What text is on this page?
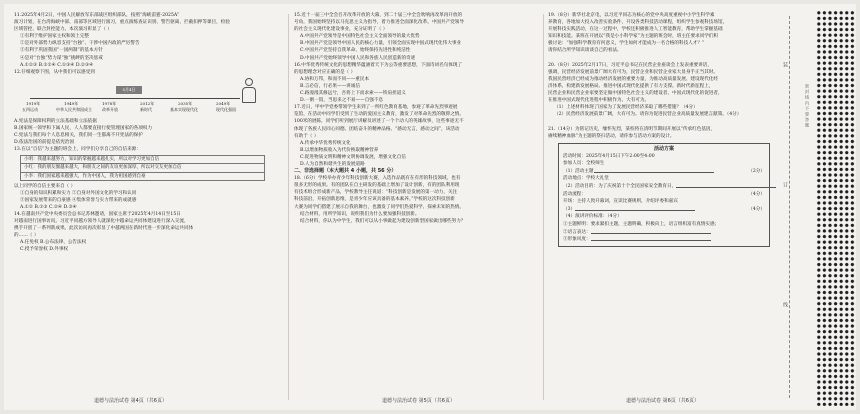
11.2025年4月2日，中国人民解放军东部战区组织部队，按照“海峡雷霆-2025A”
演习计划，在台湾海峡中部、南部等区域进行演习，重点演练查证识别、警告驱离、拦截扣押等课目，检验
区域管控、联合封控能力。本次演习彰显了（ ）
①有利于维护国家主权和领土完整
②是对外部势力纵容支持“台独”、干涉中国内政的严厉警告
③有利于巩固我国“一国两制”的基本方针
④是对“台独”势力谋“独”挑衅的坚决惩戒
A.①②③ B.①②④ C.①③④ D.②③④
12.仔细观察下图，从中我们可以感受到
5月4日
1919年	1949年	1978年	2012年	2035年	2049年
五四运动	中华人民共和国成立	改革开放	新时代	基本实现现代化	现代化强国
A.宪法是保障权利的立法基础和立法依据
B.国家统一领导和下属人民，人人都要直接行使管理国家的各项权力
C.宪法与我们每个人息息相关，我们同一生都离不开宪法的保护
D.依法治国的前提是依宪治国
13.在以“自信”为主题的班会上，同学们分享自己的自信来源：
小明：我越来越努力，知识的掌握越来越扎实，所以对学习更加自信
小红：我的朋友圈越来越大，和朋友之间的友谊更加深厚，所以对交友更加自信
小李：我们国家越来越强大，作为中国人，我为祖国感到自豪
以上同学的自信主要来自（ ）
①自身的知识积累和实力 ②自身对外国文化的学习和认同
③国家发展带来的自豪感 ④集体荣誉与实力带来的成就感
A.①② B.①③ C.②④ D.③④
14.在越南共产党中央委员会总书记苏林邀请，国家主席于2025年4月14日至15日
对越南进行国事访问。习近平同越方领导人就深化中越命运共同体建设进行深入交流，
携手开创了一系列新成果。此次访问再次彰显了中越两国在新时代进一步深化命运共同体
的……（ ）
A.任免权 B.公布法律、公告法权
C.授予荣誉权 D.外事权
15.近十一届三中全会召开改革开放的大幕，到二十届三中全会吹响再改革再开放的
号角，我国始终坚持以马克思主义为指导，着力推进全面深化改革。中国共产党领导
的社会主义现代化建设事业，充分证明了（ ）
A.中国共产党领导是中国特色社会主义全面领导的最大优势
B.中国共产党是领导中国人民的核心力量，引领全面实现中国式现代化伟大事业
C.中国共产党坚持自我革命、始终保持先进性和纯洁性
D.中国共产党始终领导中国人民和各族人民创造新的奇迹
16.中华优秀传统文化的思想精华蕴涵着天下为公等重要思想，下面诗词名句体现了
的思想理念对应正确的是（ ）
A.协和万邦，和而不同——重民本
B.言必信，行必果——讲诚信
C.路漫漫其修远兮，吾将上下而求索——铁肩担道义
D.一粥一饭，当思来之不易——自强不息
17.近日，甲中学党委带领学生来到了一所红色教育基地，参观了革命先烈事迹展
览馆，在活动中同学们受到了生动的爱国主义教育，激发了对革命先烈的敬仰之情。
100米的展陈，同学们听到展厅讲解员讲述了一个个动人的英雄故事，这些事迹无不
体现了各族人民同心同德、团结奋斗的精神品格。“感动无言，感动之间”，该活动
有助于（ ）
A.传承中华优秀传统文化
B.以增加物质收入为代价换取精神营养
C.促进物质文明和精神文明协调发展，增强文化自信
D.人为自然和谐共生的发展道路
二、非选择题（本大题共 4 小题，共 56 分）
18.（6分）学校举办青少年科技创新大赛，入选作品既有在有形的科技领域，也有
很多无形的成果。有的团队在自主研发的基础上增加了设计创新，有的团队利用现
有技术组合形成新产品，学校教导主任说道：“科技创新是发展的第一动力，关注
科技前沿，开拓创新思维，是青少年应该具备的基本素养。”学校的这次科技创新
大赛为同学们搭建了展示自我的舞台，也激发了同学们热爱科学、探索未知的热情。
结合材料，用所学知识，说明我们为什么要加强科技创新。
结合材料，你认为中学生，我们可以从小事做起为建设创新型国家做出哪些努力？
19.（8分）新华社北京电，以习近平同志为核心的党中央高度重视中小学生科学素
养教育，各地加大投入改善实验条件，开设各类科技活动课程，组织学生参观科技场馆，
开展科技实践活动，在这一过程中，学校还积极推进人工智能教育，帮助学生掌握基础
知识和技能。某班在开展以“我是小小科学家”为主题的班会时，班主任要求同学们积
极讨论：“加强科学教育有何意义，学生如何才能成为一名合格的科技人才？”
请你结合所学知识谈谈自己的看法。
20.（8分）2025年2月17日，习近平总书记在民营企业座谈会上发表重要讲话，
强调，民营经济发展前景广阔大有可为，民营企业和民营企业家大显身手正当其时。
我国民营经济已经成为推动经济发展的重要力量，为推动高质量发展、建设现代化经
济体系、构建新发展格局、推进中国式现代化提供了有力支撑。新时代新征程上，
民营企业和民营企业家要坚定做中国特色社会主义的建设者、中国式现代化的促进者，
在推进中国式现代化进程中积极作为、大有可为。
（1）上述材料体现了国家为了发展民营经济采取了哪些措施？（4分）
（2）民营经济发展前景广阔，大有可为。请你为促进民营企业高质量发展建言献策。（4分）
21.（14分）为铭记历史，缅怀先烈，某校将在清明节期间开展以“传承红色基因，
赓续精神血脉”为主题的祭扫活动，请你参与活动方案的设计。
活动方案
活动时间：2025年4月15日下午2:00至4:00
参加人员：全校师生
（1）活动主题	（2分）
活动地点：学校大礼堂
（2）活动目的：为了庆祝第十个全民国家安全教育日，
（4分）
活动流程：
开场：主持人致开幕词，宣读比赛规则，介绍评委和嘉宾
（3）	（4分）
（4）演讲评价标准：（4分）
①主题鲜明：要求紧扣主题，主题明确，积极向上，语言组织富有真情实感；
②语言表达：
③形象风度：
道德与法治试卷 第4页（共6页）	道德与法治试卷 第5页（共6页）	道德与法治试卷 第6页（共6页）
装
订
线
密 封 线 内 不 要 答 题
